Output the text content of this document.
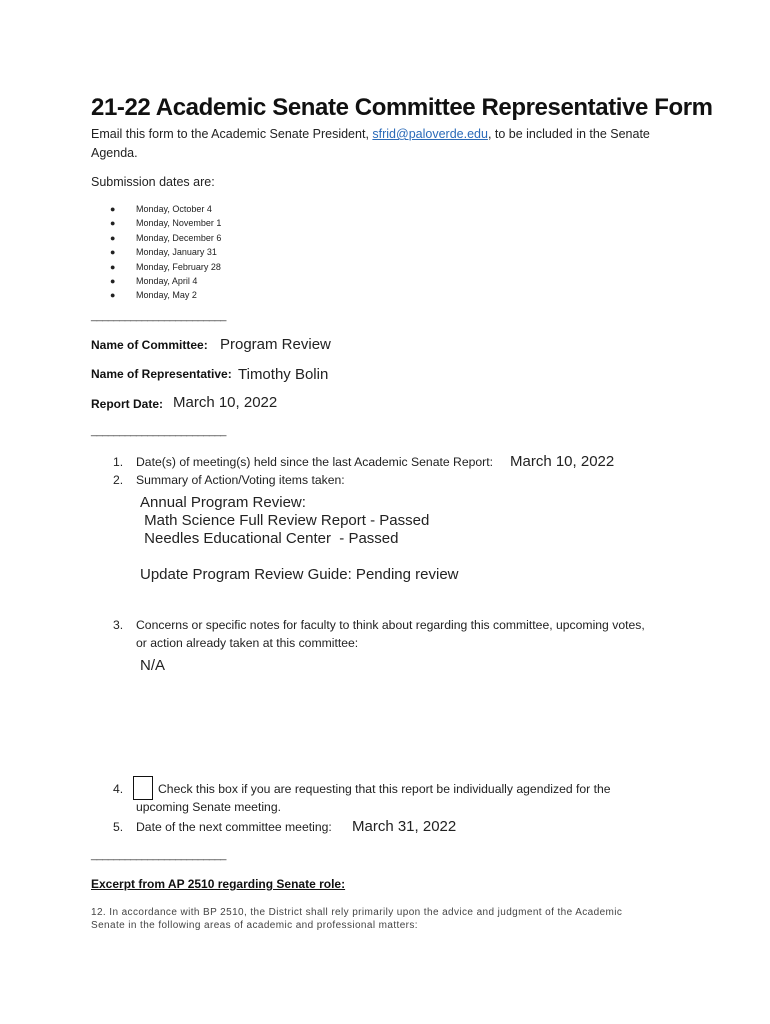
21-22 Academic Senate Committee Representative Form
Email this form to the Academic Senate President, sfrid@paloverde.edu, to be included in the Senate
Agenda.
Submission dates are:
● Monday, October 4
● Monday, November 1
● Monday, December 6
● Monday, January 31
● Monday, February 28
● Monday, April 4
● Monday, May 2
________________________
Name of Committee: Program Review
Name of Representative: Timothy Bolin
Report Date: March 10, 2022
________________________
1. Date(s) of meeting(s) held since the last Academic Senate Report: March 10, 2022
2. Summary of Action/Voting items taken:
Annual Program Review:
Math Science Full Review Report - Passed
Needles Educational Center  - Passed
Update Program Review Guide: Pending review
3. Concerns or specific notes for faculty to think about regarding this committee, upcoming votes,
or action already taken at this committee:
N/A
4.	Check this box if you are requesting that this report be individually agendized for the
upcoming Senate meeting.
5. Date of the next committee meeting: March 31, 2022
________________________
Excerpt from AP 2510 regarding Senate role:
12. In accordance with BP 2510, the District shall rely primarily upon the advice and judgment of the Academic
Senate in the following areas of academic and professional matters:
